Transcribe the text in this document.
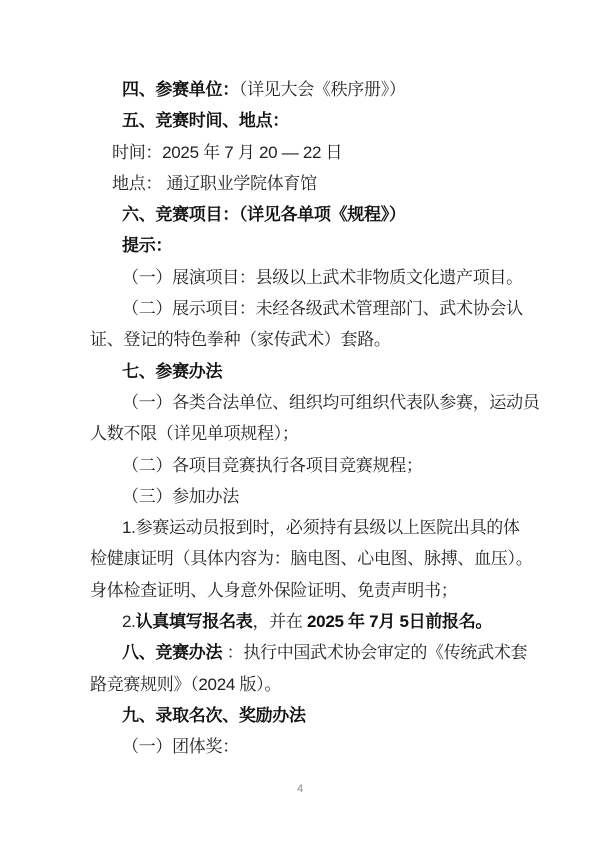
四、参赛单位：（详见大会《秩序册》）
五、竞赛时间、地点：
时间：2025 年 7 月 20 — 22 日
地点： 通辽职业学院体育馆
六、竞赛项目：（详见各单项《规程》）
提示：
（一）展演项目：县级以上武术非物质文化遗产项目。
（二）展示项目：未经各级武术管理部门、武术协会认
证、登记的特色拳种（家传武术）套路。
七、参赛办法
（一）各类合法单位、组织均可组织代表队参赛，运动员
人数不限（详见单项规程）；
（二）各项目竞赛执行各项目竞赛规程；
（三）参加办法
1.参赛运动员报到时，必须持有县级以上医院出具的体
检健康证明（具体内容为：脑电图、心电图、脉搏、血压）。
身体检查证明、人身意外保险证明、免责声明书；
2.认真填写报名表，并在 2025 年 7月 5日前报名。
八、竞赛办法 ：执行中国武术协会审定的《传统武术套
路竞赛规则》（2024 版）。
九、录取名次、奖励办法
（一）团体奖：
4
